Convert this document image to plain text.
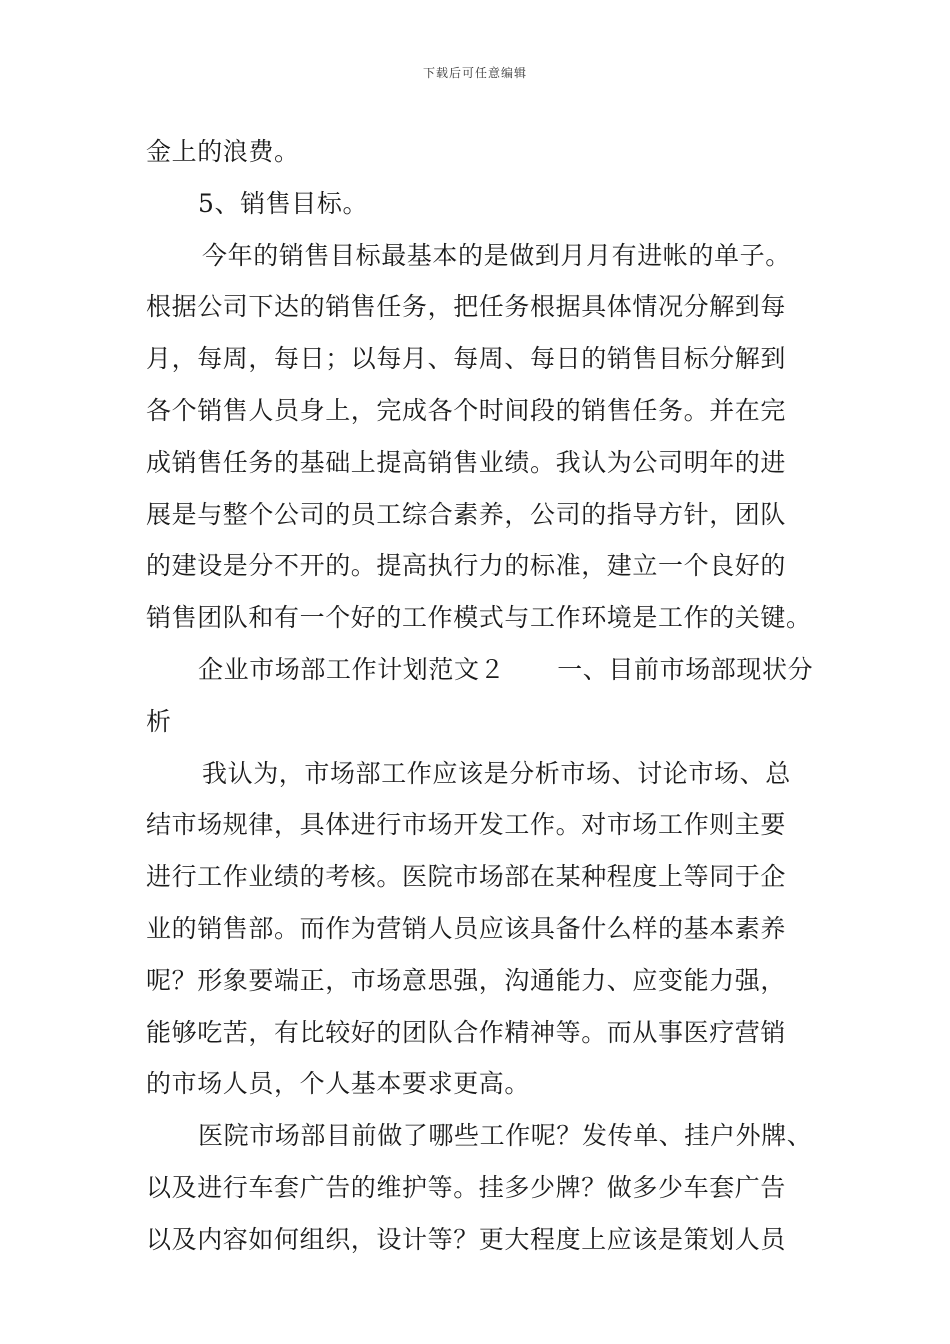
下载后可任意编辑
金上的浪费。
5、销售目标。
今年的销售目标最基本的是做到月月有进帐的单子。
根据公司下达的销售任务，把任务根据具体情况分解到每
月，每周，每日；以每月、每周、每日的销售目标分解到
各个销售人员身上，完成各个时间段的销售任务。并在完
成销售任务的基础上提高销售业绩。我认为公司明年的进
展是与整个公司的员工综合素养，公司的指导方针，团队
的建设是分不开的。提高执行力的标准，建立一个良好的
销售团队和有一个好的工作模式与工作环境是工作的关键。
企业市场部工作计划范文２ 一、目前市场部现状分
析
我认为，市场部工作应该是分析市场、讨论市场、总
结市场规律，具体进行市场开发工作。对市场工作则主要
进行工作业绩的考核。医院市场部在某种程度上等同于企
业的销售部。而作为营销人员应该具备什么样的基本素养
呢？形象要端正，市场意思强，沟通能力、应变能力强，
能够吃苦，有比较好的团队合作精神等。而从事医疗营销
的市场人员，个人基本要求更高。
医院市场部目前做了哪些工作呢？发传单、挂户外牌、
以及进行车套广告的维护等。挂多少牌？做多少车套广告
以及内容如何组织，设计等？更大程度上应该是策划人员
